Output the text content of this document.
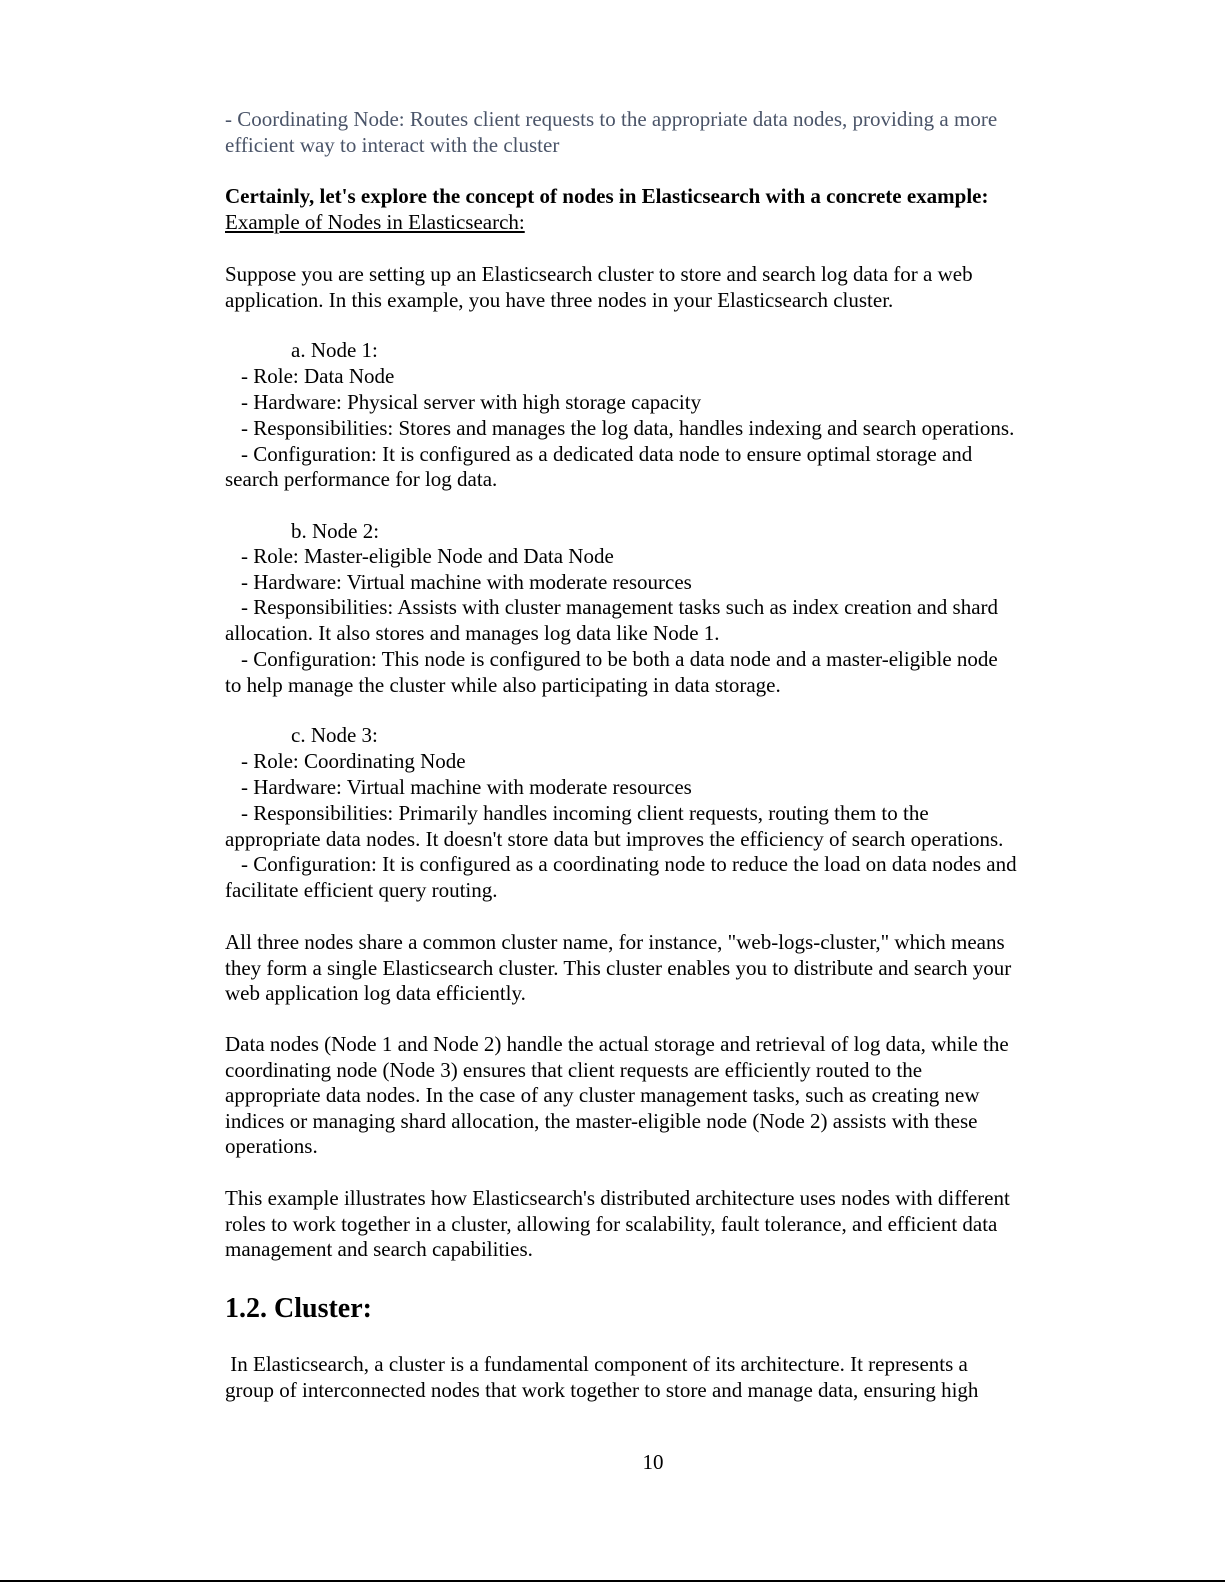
- Coordinating Node: Routes client requests to the appropriate data nodes, providing a more
efficient way to interact with the cluster
Certainly, let's explore the concept of nodes in Elasticsearch with a concrete example:
Example of Nodes in Elasticsearch:
Suppose you are setting up an Elasticsearch cluster to store and search log data for a web
application. In this example, you have three nodes in your Elasticsearch cluster.
a. Node 1:
- Role: Data Node
- Hardware: Physical server with high storage capacity
- Responsibilities: Stores and manages the log data, handles indexing and search operations.
- Configuration: It is configured as a dedicated data node to ensure optimal storage and
search performance for log data.
b. Node 2:
- Role: Master-eligible Node and Data Node
- Hardware: Virtual machine with moderate resources
- Responsibilities: Assists with cluster management tasks such as index creation and shard
allocation. It also stores and manages log data like Node 1.
- Configuration: This node is configured to be both a data node and a master-eligible node
to help manage the cluster while also participating in data storage.
c. Node 3:
- Role: Coordinating Node
- Hardware: Virtual machine with moderate resources
- Responsibilities: Primarily handles incoming client requests, routing them to the
appropriate data nodes. It doesn't store data but improves the efficiency of search operations.
- Configuration: It is configured as a coordinating node to reduce the load on data nodes and
facilitate efficient query routing.
All three nodes share a common cluster name, for instance, "web-logs-cluster," which means
they form a single Elasticsearch cluster. This cluster enables you to distribute and search your
web application log data efficiently.
Data nodes (Node 1 and Node 2) handle the actual storage and retrieval of log data, while the
coordinating node (Node 3) ensures that client requests are efficiently routed to the
appropriate data nodes. In the case of any cluster management tasks, such as creating new
indices or managing shard allocation, the master-eligible node (Node 2) assists with these
operations.
This example illustrates how Elasticsearch's distributed architecture uses nodes with different
roles to work together in a cluster, allowing for scalability, fault tolerance, and efficient data
management and search capabilities.
1.2. Cluster:
In Elasticsearch, a cluster is a fundamental component of its architecture. It represents a
group of interconnected nodes that work together to store and manage data, ensuring high
10
